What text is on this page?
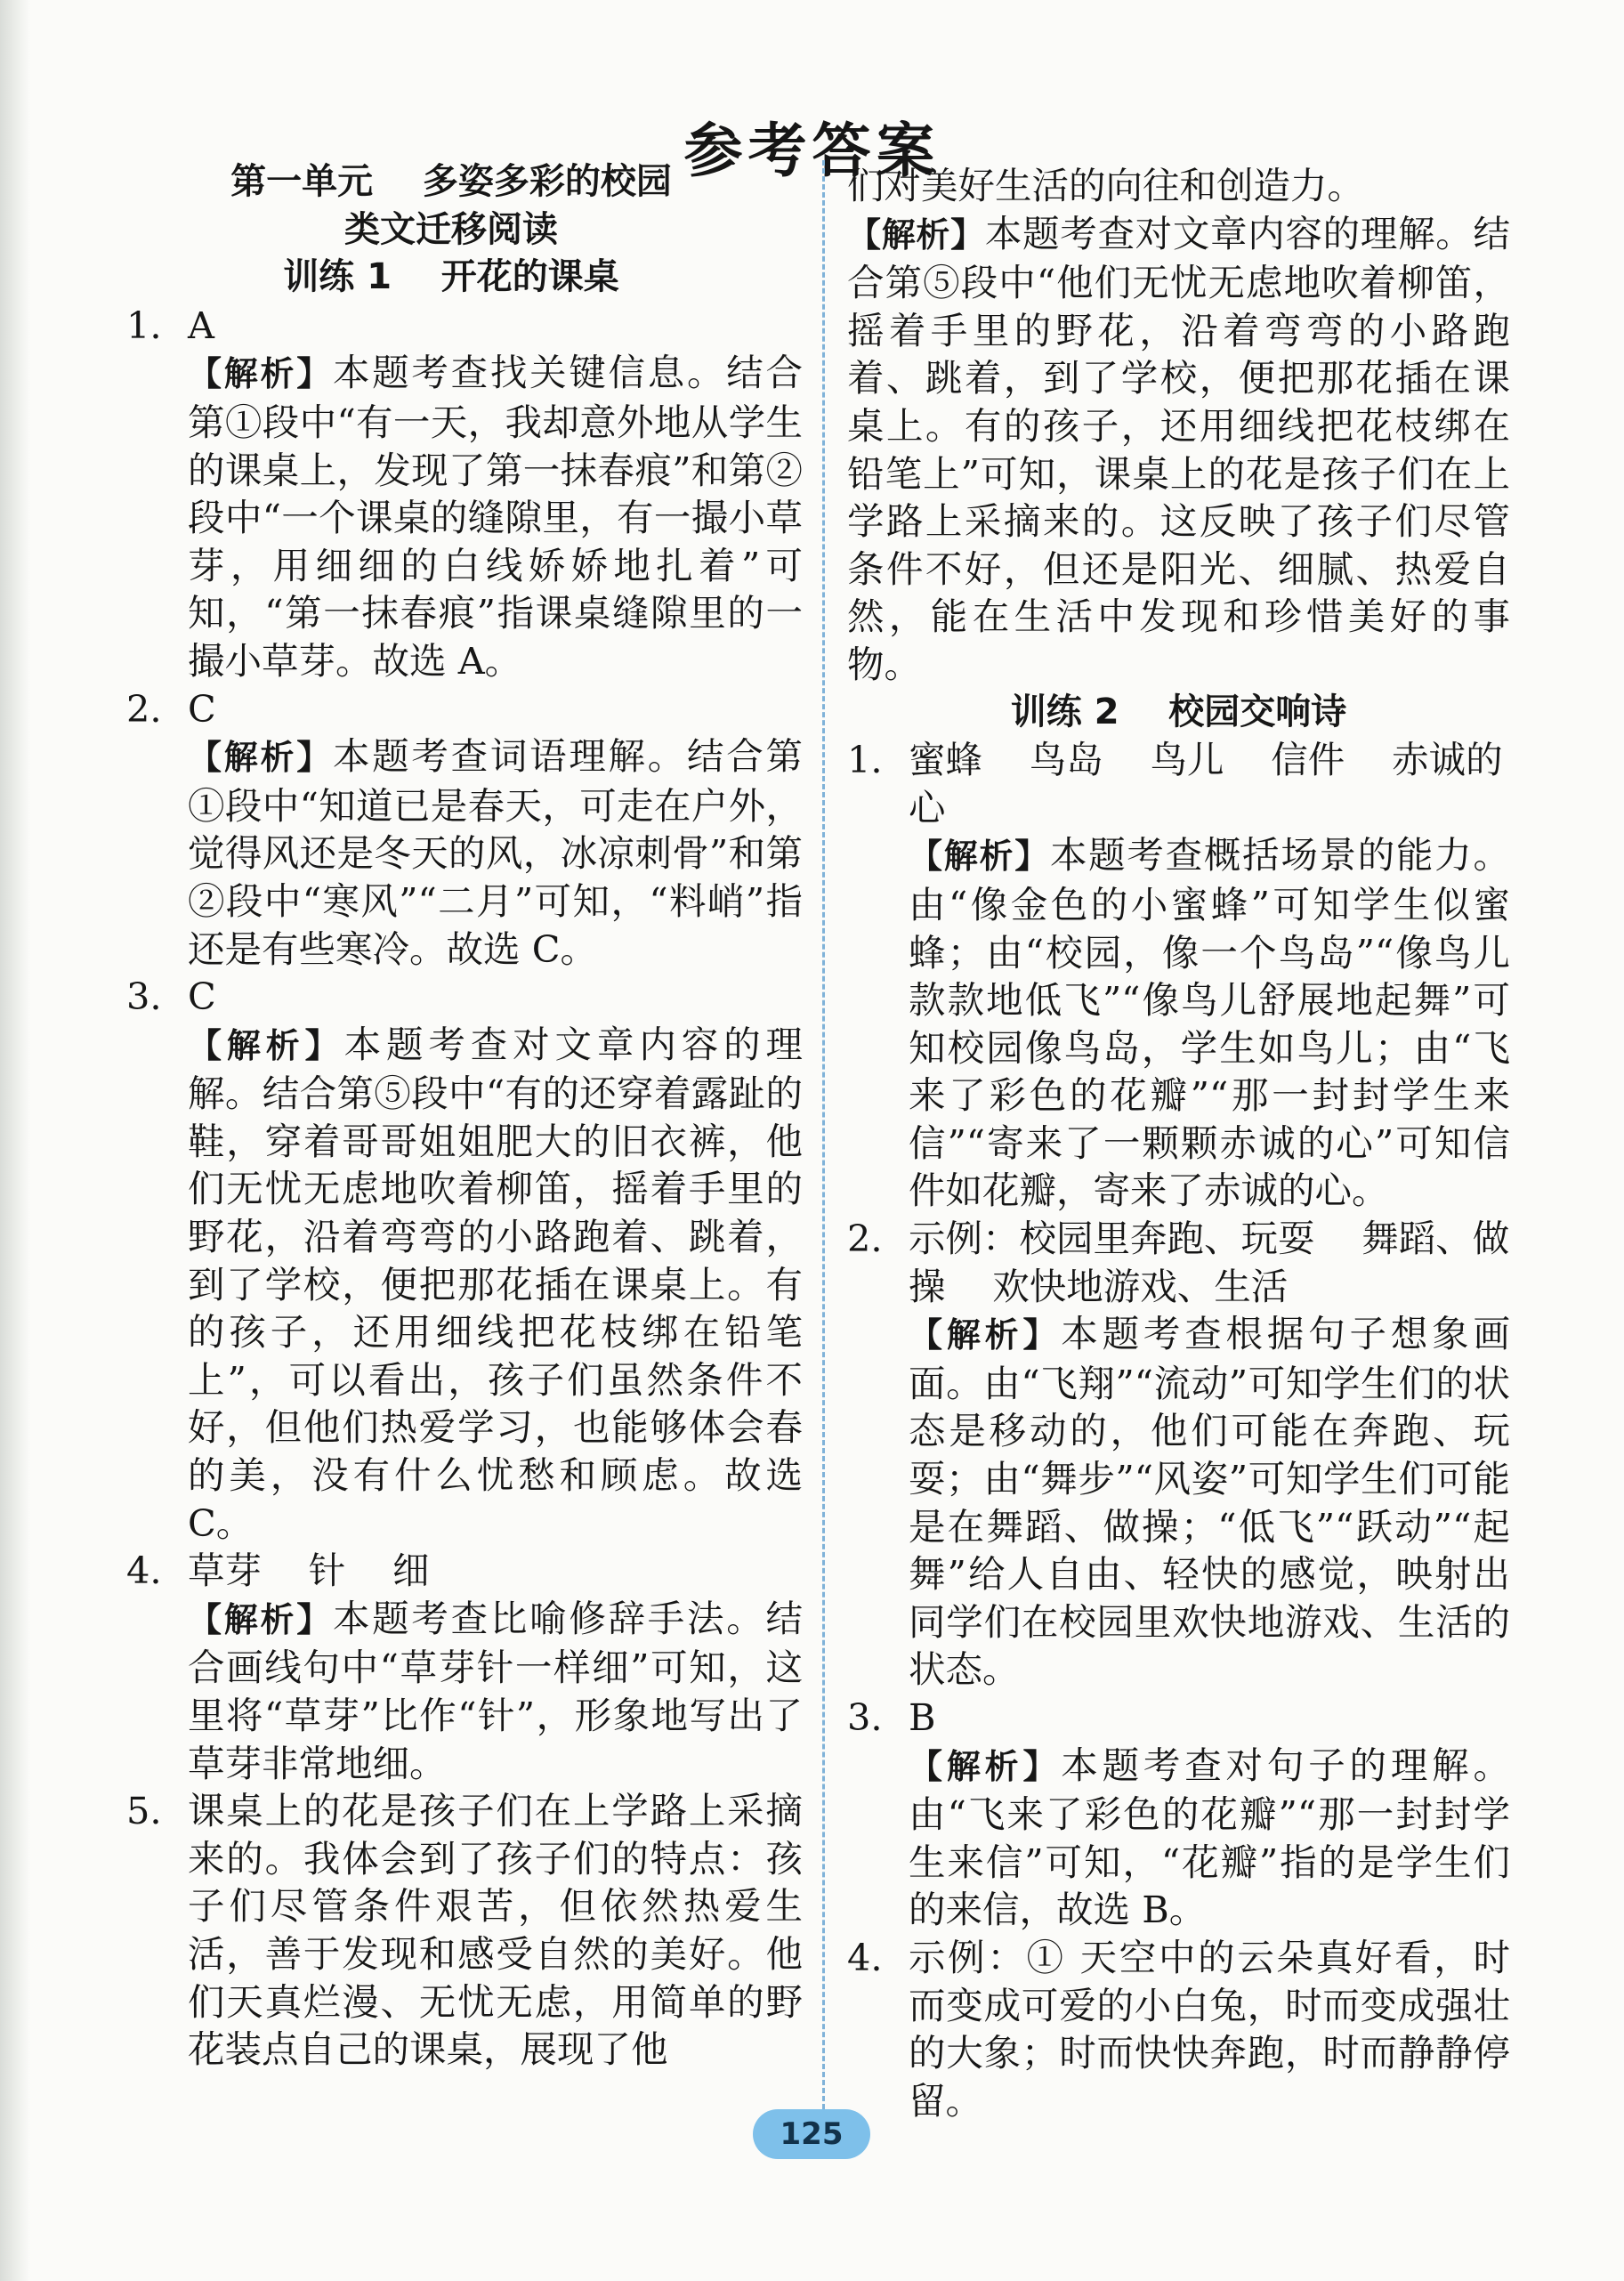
参考答案

第一单元    多姿多彩的校园

类文迁移阅读

训练 1    开花的课桌

1. A
【解析】本题考查找关键信息。结合第①段中“有一天，我却意外地从学生的课桌上，发现了第一抹春痕”和第②段中“一个课桌的缝隙里，有一撮小草芽，用细细的白线娇娇地扎着”可知，“第一抹春痕”指课桌缝隙里的一撮小草芽。故选 A。
2. C
【解析】本题考查词语理解。结合第①段中“知道已是春天，可走在户外，觉得风还是冬天的风，冰凉刺骨”和第②段中“寒风”“二月”可知，“料峭”指还是有些寒冷。故选 C。
3. C
【解析】本题考查对文章内容的理解。结合第⑤段中“有的还穿着露趾的鞋，穿着哥哥姐姐肥大的旧衣裤，他们无忧无虑地吹着柳笛，摇着手里的野花，沿着弯弯的小路跑着、跳着，到了学校，便把那花插在课桌上。有的孩子，还用细线把花枝绑在铅笔上”，可以看出，孩子们虽然条件不好，但他们热爱学习，也能够体会春的美，没有什么忧愁和顾虑。故选 C。
4. 草芽    针    细
【解析】本题考查比喻修辞手法。结合画线句中“草芽针一样细”可知，这里将“草芽”比作“针”，形象地写出了草芽非常地细。
5. 课桌上的花是孩子们在上学路上采摘来的。我体会到了孩子们的特点：孩子们尽管条件艰苦，但依然热爱生活，善于发现和感受自然的美好。他们天真烂漫、无忧无虑，用简单的野花装点自己的课桌，展现了他

们对美好生活的向往和创造力。

【解析】本题考查对文章内容的理解。结合第⑤段中“他们无忧无虑地吹着柳笛，摇着手里的野花，沿着弯弯的小路跑着、跳着，到了学校，便把那花插在课桌上。有的孩子，还用细线把花枝绑在铅笔上”可知，课桌上的花是孩子们在上学路上采摘来的。这反映了孩子们尽管条件不好，但还是阳光、细腻、热爱自然，能在生活中发现和珍惜美好的事物。

训练 2    校园交响诗

1. 蜜蜂    鸟岛    鸟儿    信件    赤诚的心
【解析】本题考查概括场景的能力。由“像金色的小蜜蜂”可知学生似蜜蜂；由“校园，像一个鸟岛”“像鸟儿款款地低飞”“像鸟儿舒展地起舞”可知校园像鸟岛，学生如鸟儿；由“飞来了彩色的花瓣”“那一封封学生来信”“寄来了一颗颗赤诚的心”可知信件如花瓣，寄来了赤诚的心。
2. 示例：校园里奔跑、玩耍    舞蹈、做操    欢快地游戏、生活
【解析】本题考查根据句子想象画面。由“飞翔”“流动”可知学生们的状态是移动的，他们可能在奔跑、玩耍；由“舞步”“风姿”可知学生们可能是在舞蹈、做操；“低飞”“跃动”“起舞”给人自由、轻快的感觉，映射出同学们在校园里欢快地游戏、生活的状态。
3. B
【解析】本题考查对句子的理解。由“飞来了彩色的花瓣”“那一封封学生来信”可知，“花瓣”指的是学生们的来信，故选 B。
4. 示例：① 天空中的云朵真好看，时而变成可爱的小白兔，时而变成强壮的大象；时而快快奔跑，时而静静停留。
125
